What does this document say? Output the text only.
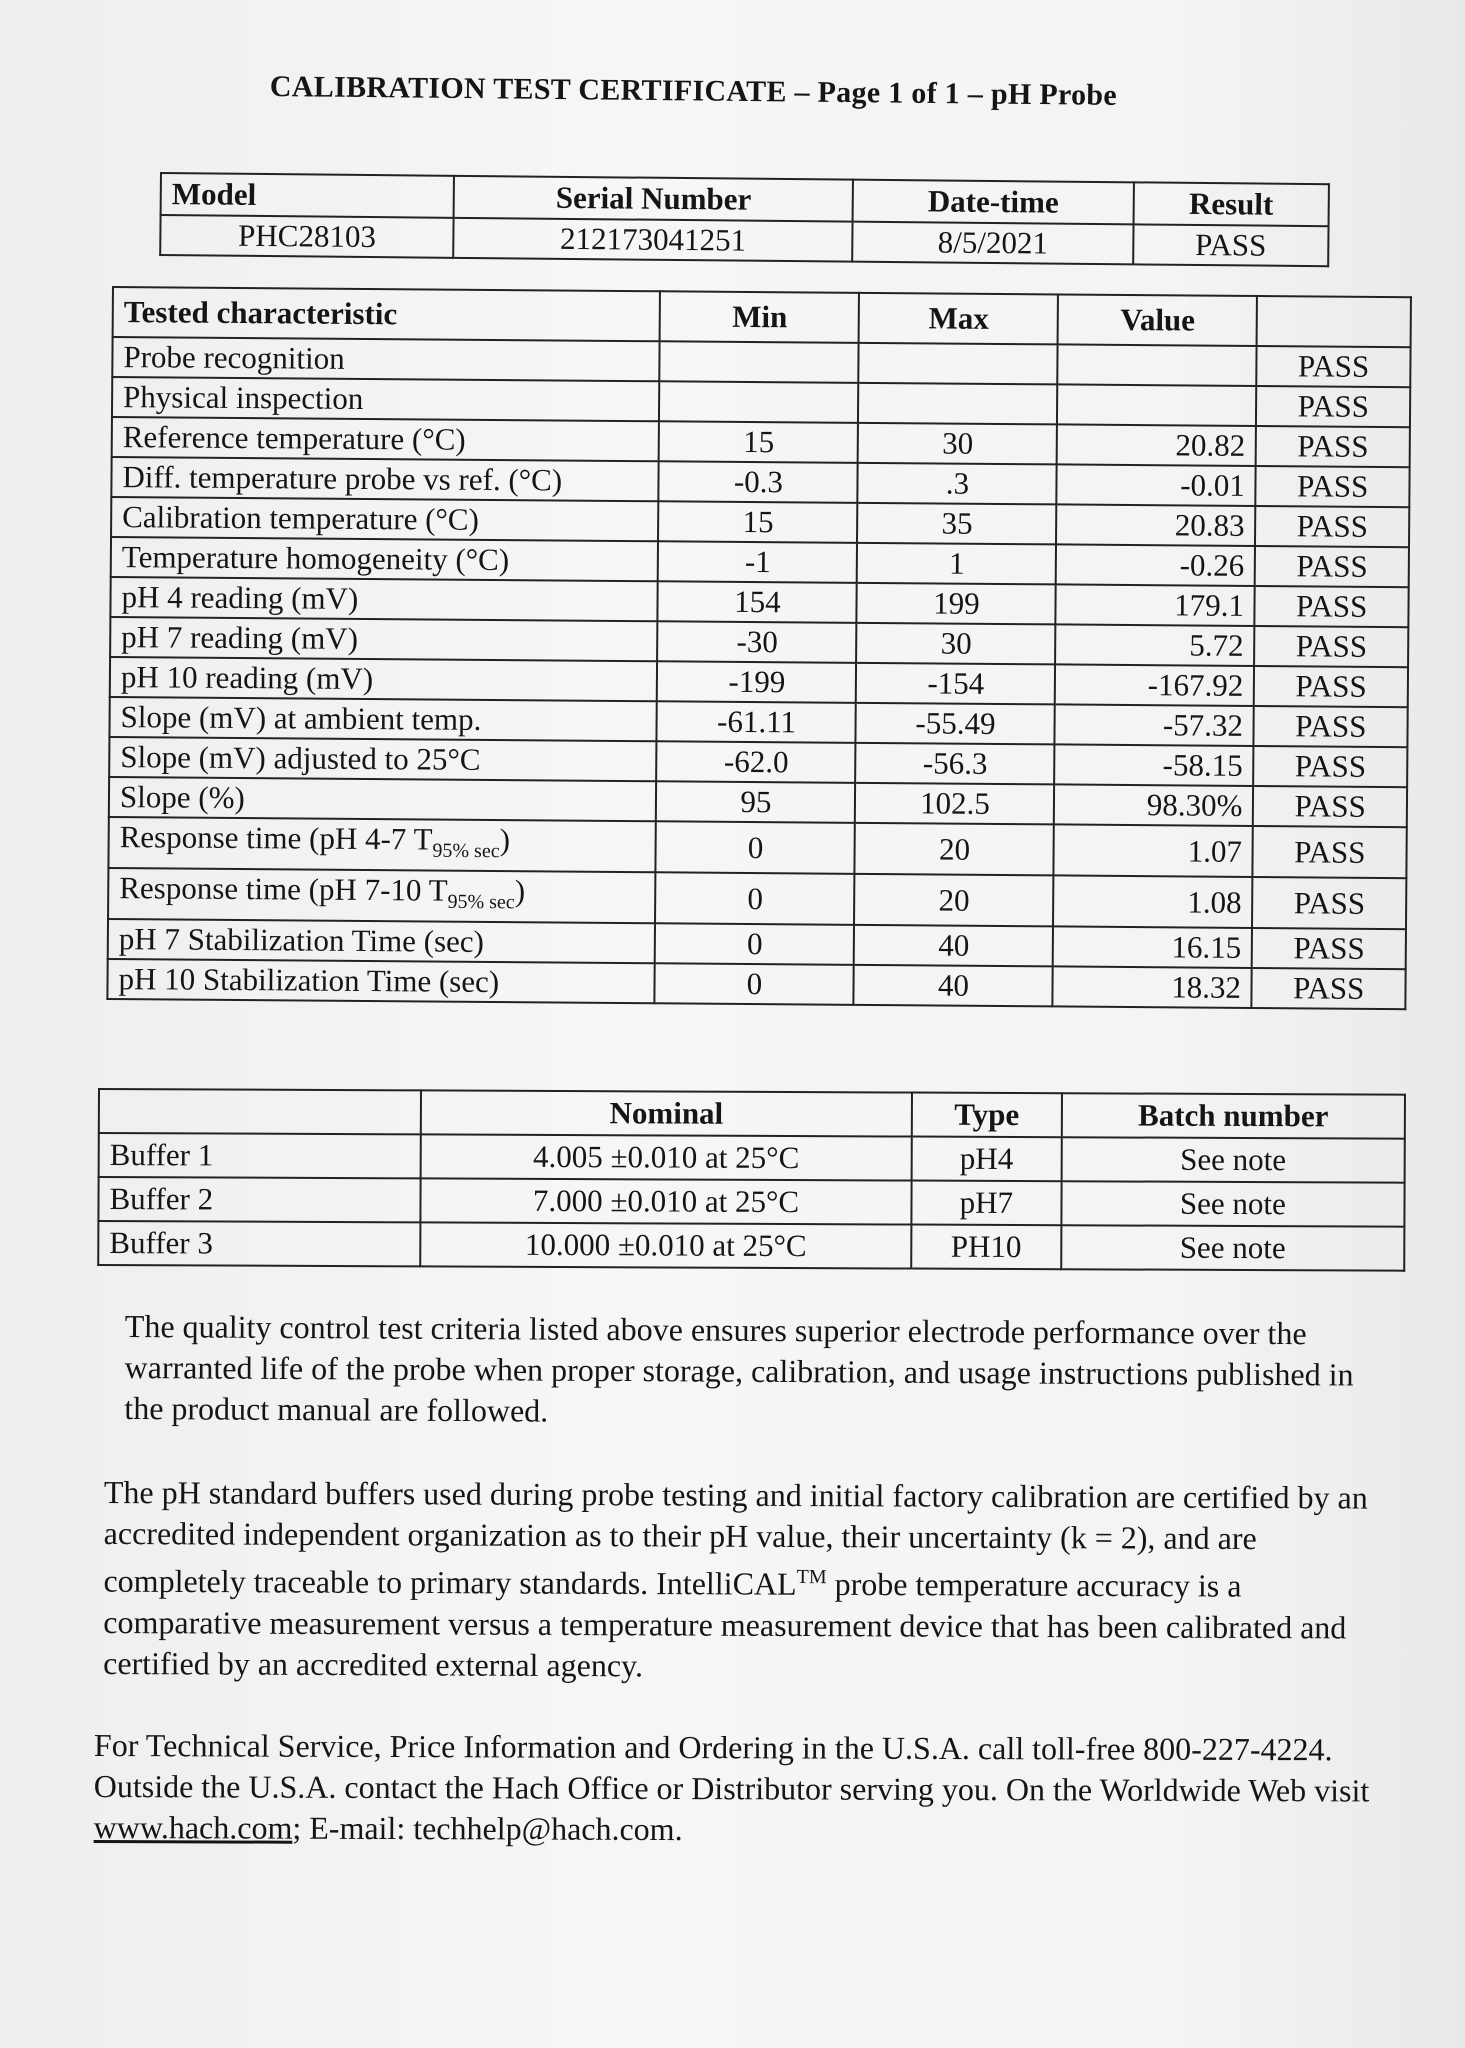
CALIBRATION TEST CERTIFICATE – Page 1 of 1 – pH Probe
Model	Serial Number	Date-time	Result
PHC28103	212173041251	8/5/2021	PASS
Tested characteristic	Min	Max	Value	
Probe recognition				PASS
Physical inspection				PASS
Reference temperature (°C)	15	30	20.82	PASS
Diff. temperature probe vs ref. (°C)	-0.3	.3	-0.01	PASS
Calibration temperature (°C)	15	35	20.83	PASS
Temperature homogeneity (°C)	-1	1	-0.26	PASS
pH 4 reading (mV)	154	199	179.1	PASS
pH 7 reading (mV)	-30	30	5.72	PASS
pH 10 reading (mV)	-199	-154	-167.92	PASS
Slope (mV) at ambient temp.	-61.11	-55.49	-57.32	PASS
Slope (mV) adjusted to 25°C	-62.0	-56.3	-58.15	PASS
Slope (%)	95	102.5	98.30%	PASS
Response time (pH 4-7 $T_{95\% sec}$)	0	20	1.07	PASS
Response time (pH 7-10 $T_{95\% sec}$)	0	20	1.08	PASS
pH 7 Stabilization Time (sec)	0	40	16.15	PASS
pH 10 Stabilization Time (sec)	0	40	18.32	PASS
	Nominal	Type	Batch number
Buffer 1	4.005 ±0.010 at 25°C	pH4	See note
Buffer 2	7.000 ±0.010 at 25°C	pH7	See note
Buffer 3	10.000 ±0.010 at 25°C	PH10	See note
The quality control test criteria listed above ensures superior electrode performance over the warranted life of the probe when proper storage, calibration, and usage instructions published in the product manual are followed.
The pH standard buffers used during probe testing and initial factory calibration are certified by an accredited independent organization as to their pH value, their uncertainty (k = 2), and are completely traceable to primary standards. IntelliCAL™ probe temperature accuracy is a comparative measurement versus a temperature measurement device that has been calibrated and certified by an accredited external agency.
For Technical Service, Price Information and Ordering in the U.S.A. call toll-free 800-227-4224. Outside the U.S.A. contact the Hach Office or Distributor serving you. On the Worldwide Web visit www.hach.com; E-mail: techhelp@hach.com.
